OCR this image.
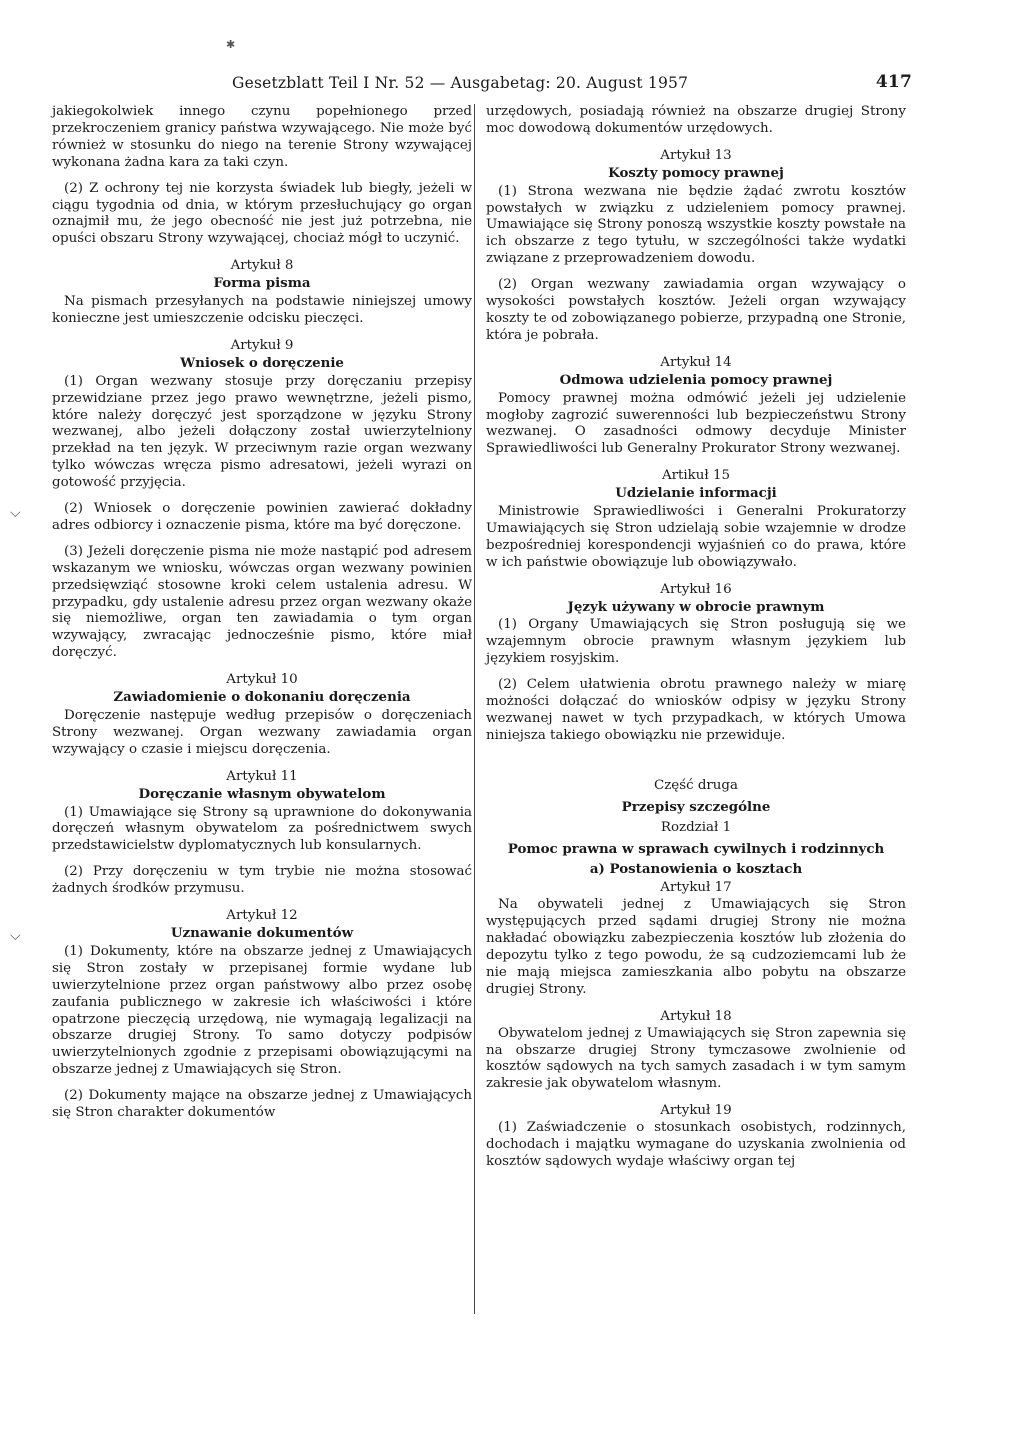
Gesetzblatt Teil I Nr. 52 — Ausgabetag: 20. August 1957	417
✱
⌵
⌵

jakiegokolwiek innego czynu popełnionego przed przekroczeniem granicy państwa wzywającego. Nie może być również w stosunku do niego na terenie Strony wzywającej wykonana żadna kara za taki czyn.

(2) Z ochrony tej nie korzysta świadek lub biegły, jeżeli w ciągu tygodnia od dnia, w którym przesłuchujący go organ oznajmił mu, że jego obecność nie jest już potrzebna, nie opuści obszaru Strony wzywającej, chociaż mógł to uczynić.

Artykuł 8
Forma pisma

Na pismach przesyłanych na podstawie niniejszej umowy konieczne jest umieszczenie odcisku pieczęci.

Artykuł 9
Wniosek o doręczenie

(1) Organ wezwany stosuje przy doręczaniu przepisy przewidziane przez jego prawo wewnętrzne, jeżeli pismo, które należy doręczyć jest sporządzone w języku Strony wezwanej, albo jeżeli dołączony został uwierzytelniony przekład na ten język. W przeciwnym razie organ wezwany tylko wówczas wręcza pismo adresatowi, jeżeli wyrazi on gotowość przyjęcia.

(2) Wniosek o doręczenie powinien zawierać dokładny adres odbiorcy i oznaczenie pisma, które ma być doręczone.

(3) Jeżeli doręczenie pisma nie może nastąpić pod adresem wskazanym we wniosku, wówczas organ wezwany powinien przedsięwziąć stosowne kroki celem ustalenia adresu. W przypadku, gdy ustalenie adresu przez organ wezwany okaże się niemożliwe, organ ten zawiadamia o tym organ wzywający, zwracając jednocześnie pismo, które miał doręczyć.

Artykuł 10
Zawiadomienie o dokonaniu doręczenia

Doręczenie następuje według przepisów o doręczeniach Strony wezwanej. Organ wezwany zawiadamia organ wzywający o czasie i miejscu doręczenia.

Artykuł 11
Doręczanie własnym obywatelom

(1) Umawiające się Strony są uprawnione do dokonywania doręczeń własnym obywatelom za pośrednictwem swych przedstawicielstw dyplomatycznych lub konsularnych.

(2) Przy doręczeniu w tym trybie nie można stosować żadnych środków przymusu.

Artykuł 12
Uznawanie dokumentów

(1) Dokumenty, które na obszarze jednej z Umawiających się Stron zostały w przepisanej formie wydane lub uwierzytelnione przez organ państwowy albo przez osobę zaufania publicznego w zakresie ich właściwości i które opatrzone pieczęcią urzędową, nie wymagają legalizacji na obszarze drugiej Strony. To samo dotyczy podpisów uwierzytelnionych zgodnie z przepisami obowiązującymi na obszarze jednej z Umawiających się Stron.

(2) Dokumenty mające na obszarze jednej z Umawiających się Stron charakter dokumentów

urzędowych, posiadają również na obszarze drugiej Strony moc dowodową dokumentów urzędowych.

Artykuł 13
Koszty pomocy prawnej

(1) Strona wezwana nie będzie żądać zwrotu kosztów powstałych w związku z udzieleniem pomocy prawnej. Umawiające się Strony ponoszą wszystkie koszty powstałe na ich obszarze z tego tytułu, w szczególności także wydatki związane z przeprowadzeniem dowodu.

(2) Organ wezwany zawiadamia organ wzywający o wysokości powstałych kosztów. Jeżeli organ wzywający koszty te od zobowiązanego pobierze, przypadną one Stronie, która je pobrała.

Artykuł 14
Odmowa udzielenia pomocy prawnej

Pomocy prawnej można odmówić jeżeli jej udzielenie mogłoby zagrozić suwerenności lub bezpieczeństwu Strony wezwanej. O zasadności odmowy decyduje Minister Sprawiedliwości lub Generalny Prokurator Strony wezwanej.

Artikuł 15
Udzielanie informacji

Ministrowie Sprawiedliwości i Generalni Prokuratorzy Umawiających się Stron udzielają sobie wzajemnie w drodze bezpośredniej korespondencji wyjaśnień co do prawa, które w ich państwie obowiązuje lub obowiązywało.

Artykuł 16
Język używany w obrocie prawnym

(1) Organy Umawiających się Stron posługują się we wzajemnym obrocie prawnym własnym językiem lub językiem rosyjskim.

(2) Celem ułatwienia obrotu prawnego należy w miarę możności dołączać do wniosków odpisy w języku Strony wezwanej nawet w tych przypadkach, w których Umowa niniejsza takiego obowiązku nie przewiduje.

Część druga
Przepisy szczególne
Rozdział 1
Pomoc prawna w sprawach cywilnych i rodzinnych
a) Postanowienia o kosztach
Artykuł 17

Na obywateli jednej z Umawiających się Stron występujących przed sądami drugiej Strony nie można nakładać obowiązku zabezpieczenia kosztów lub złożenia do depozytu tylko z tego powodu, że są cudzoziemcami lub że nie mają miejsca zamieszkania albo pobytu na obszarze drugiej Strony.

Artykuł 18

Obywatelom jednej z Umawiających się Stron zapewnia się na obszarze drugiej Strony tymczasowe zwolnienie od kosztów sądowych na tych samych zasadach i w tym samym zakresie jak obywatelom własnym.

Artykuł 19

(1) Zaświadczenie o stosunkach osobistych, rodzinnych, dochodach i majątku wymagane do uzyskania zwolnienia od kosztów sądowych wydaje właściwy organ tej
